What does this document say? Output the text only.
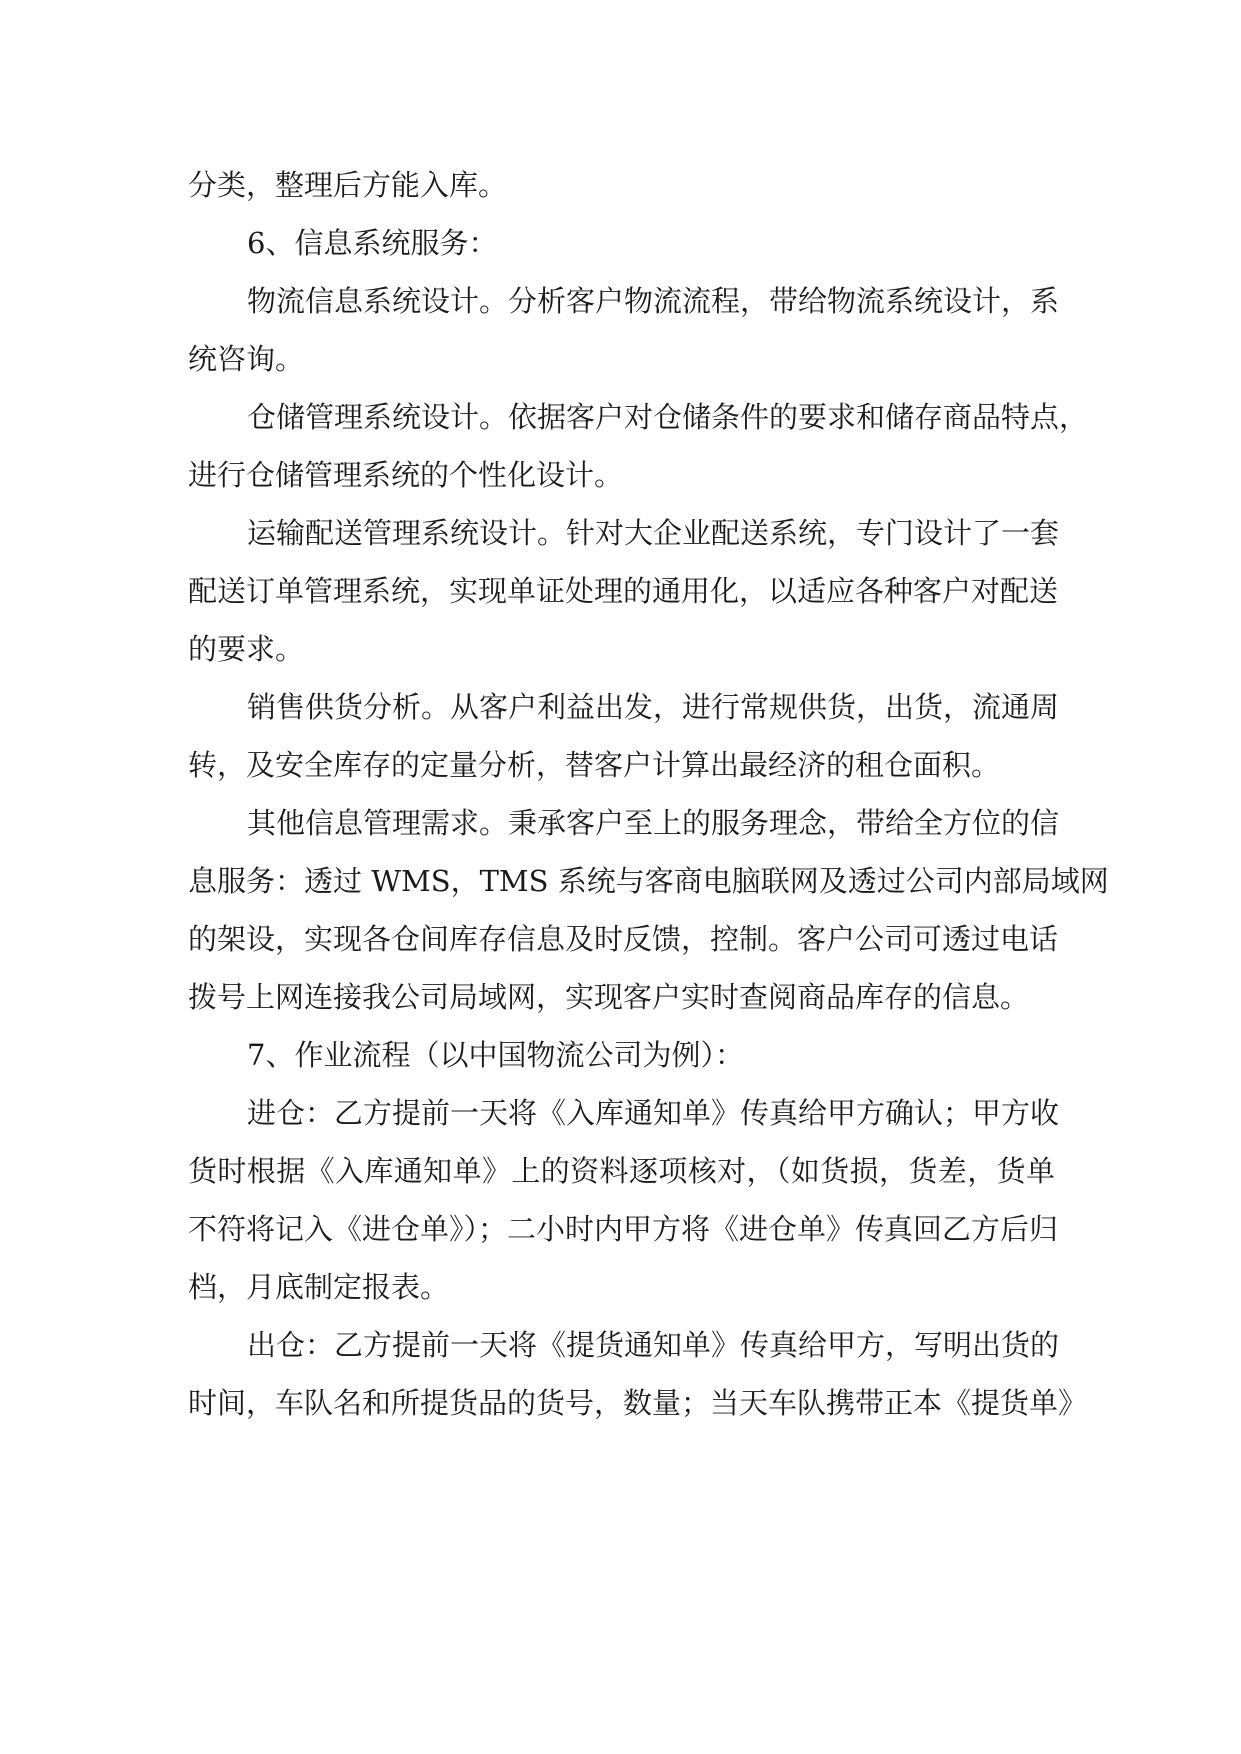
分类，整理后方能入库。
6、信息系统服务：
物流信息系统设计。分析客户物流流程，带给物流系统设计，系
统咨询。
仓储管理系统设计。依据客户对仓储条件的要求和储存商品特点，
进行仓储管理系统的个性化设计。
运输配送管理系统设计。针对大企业配送系统，专门设计了一套
配送订单管理系统，实现单证处理的通用化，以适应各种客户对配送
的要求。
销售供货分析。从客户利益出发，进行常规供货，出货，流通周
转，及安全库存的定量分析，替客户计算出最经济的租仓面积。
其他信息管理需求。秉承客户至上的服务理念，带给全方位的信
息服务：透过 WMS，TMS 系统与客商电脑联网及透过公司内部局域网
的架设，实现各仓间库存信息及时反馈，控制。客户公司可透过电话
拨号上网连接我公司局域网，实现客户实时查阅商品库存的信息。
7、作业流程（以中国物流公司为例）：
进仓：乙方提前一天将《入库通知单》传真给甲方确认；甲方收
货时根据《入库通知单》上的资料逐项核对，（如货损，货差，货单
不符将记入《进仓单》）；二小时内甲方将《进仓单》传真回乙方后归
档，月底制定报表。
出仓：乙方提前一天将《提货通知单》传真给甲方，写明出货的
时间，车队名和所提货品的货号，数量；当天车队携带正本《提货单》
